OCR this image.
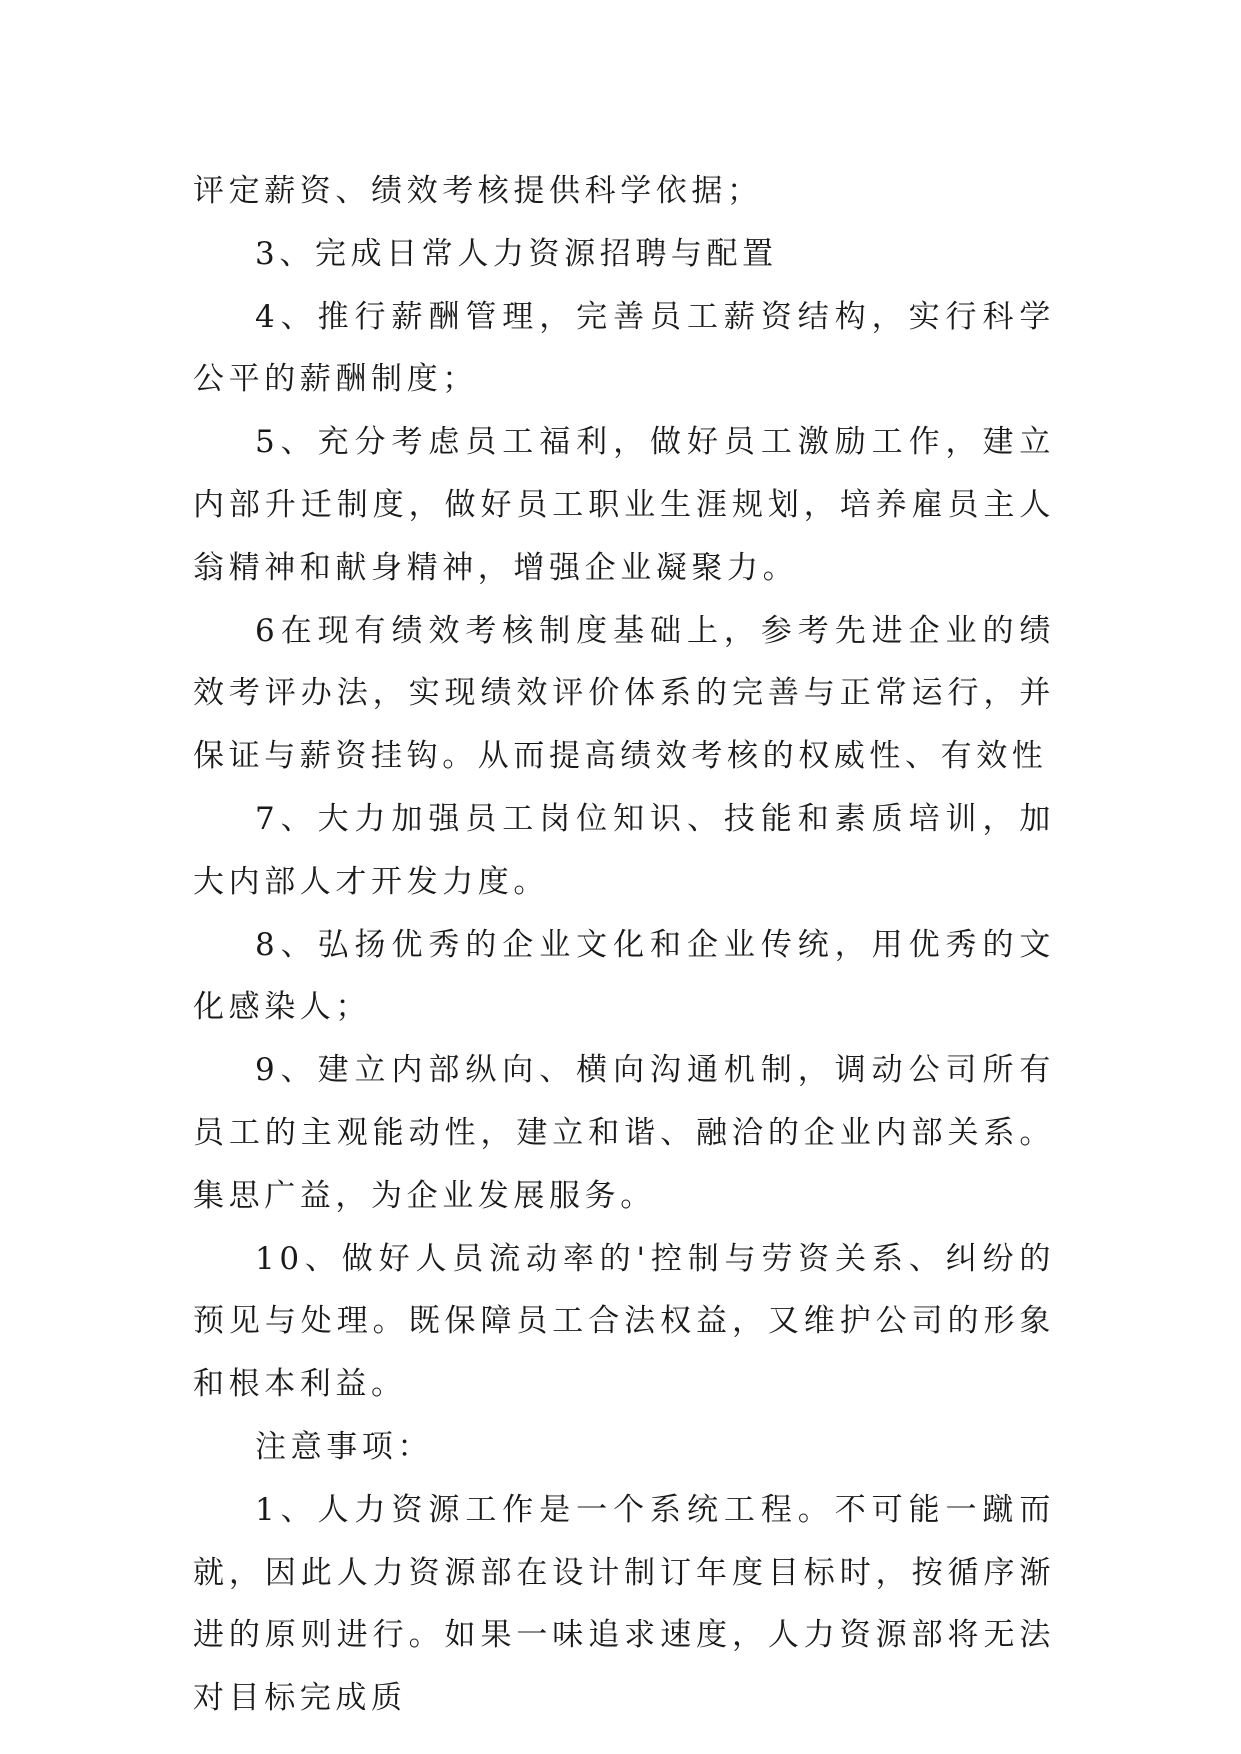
评定薪资、绩效考核提供科学依据；

3、完成日常人力资源招聘与配置

4、推行薪酬管理，完善员工薪资结构，实行科学公平的薪酬制度；

5、充分考虑员工福利，做好员工激励工作，建立内部升迁制度，做好员工职业生涯规划，培养雇员主人翁精神和献身精神，增强企业凝聚力。

6在现有绩效考核制度基础上，参考先进企业的绩效考评办法，实现绩效评价体系的完善与正常运行，并保证与薪资挂钩。从而提高绩效考核的权威性、有效性

7、大力加强员工岗位知识、技能和素质培训，加大内部人才开发力度。

8、弘扬优秀的企业文化和企业传统，用优秀的文化感染人；

9、建立内部纵向、横向沟通机制，调动公司所有员工的主观能动性，建立和谐、融洽的企业内部关系。集思广益，为企业发展服务。

10、做好人员流动率的'控制与劳资关系、纠纷的预见与处理。既保障员工合法权益，又维护公司的形象和根本利益。

注意事项：

1、人力资源工作是一个系统工程。不可能一蹴而就，因此人力资源部在设计制订年度目标时，按循序渐进的原则进行。如果一味追求速度，人力资源部将无法对目标完成质
